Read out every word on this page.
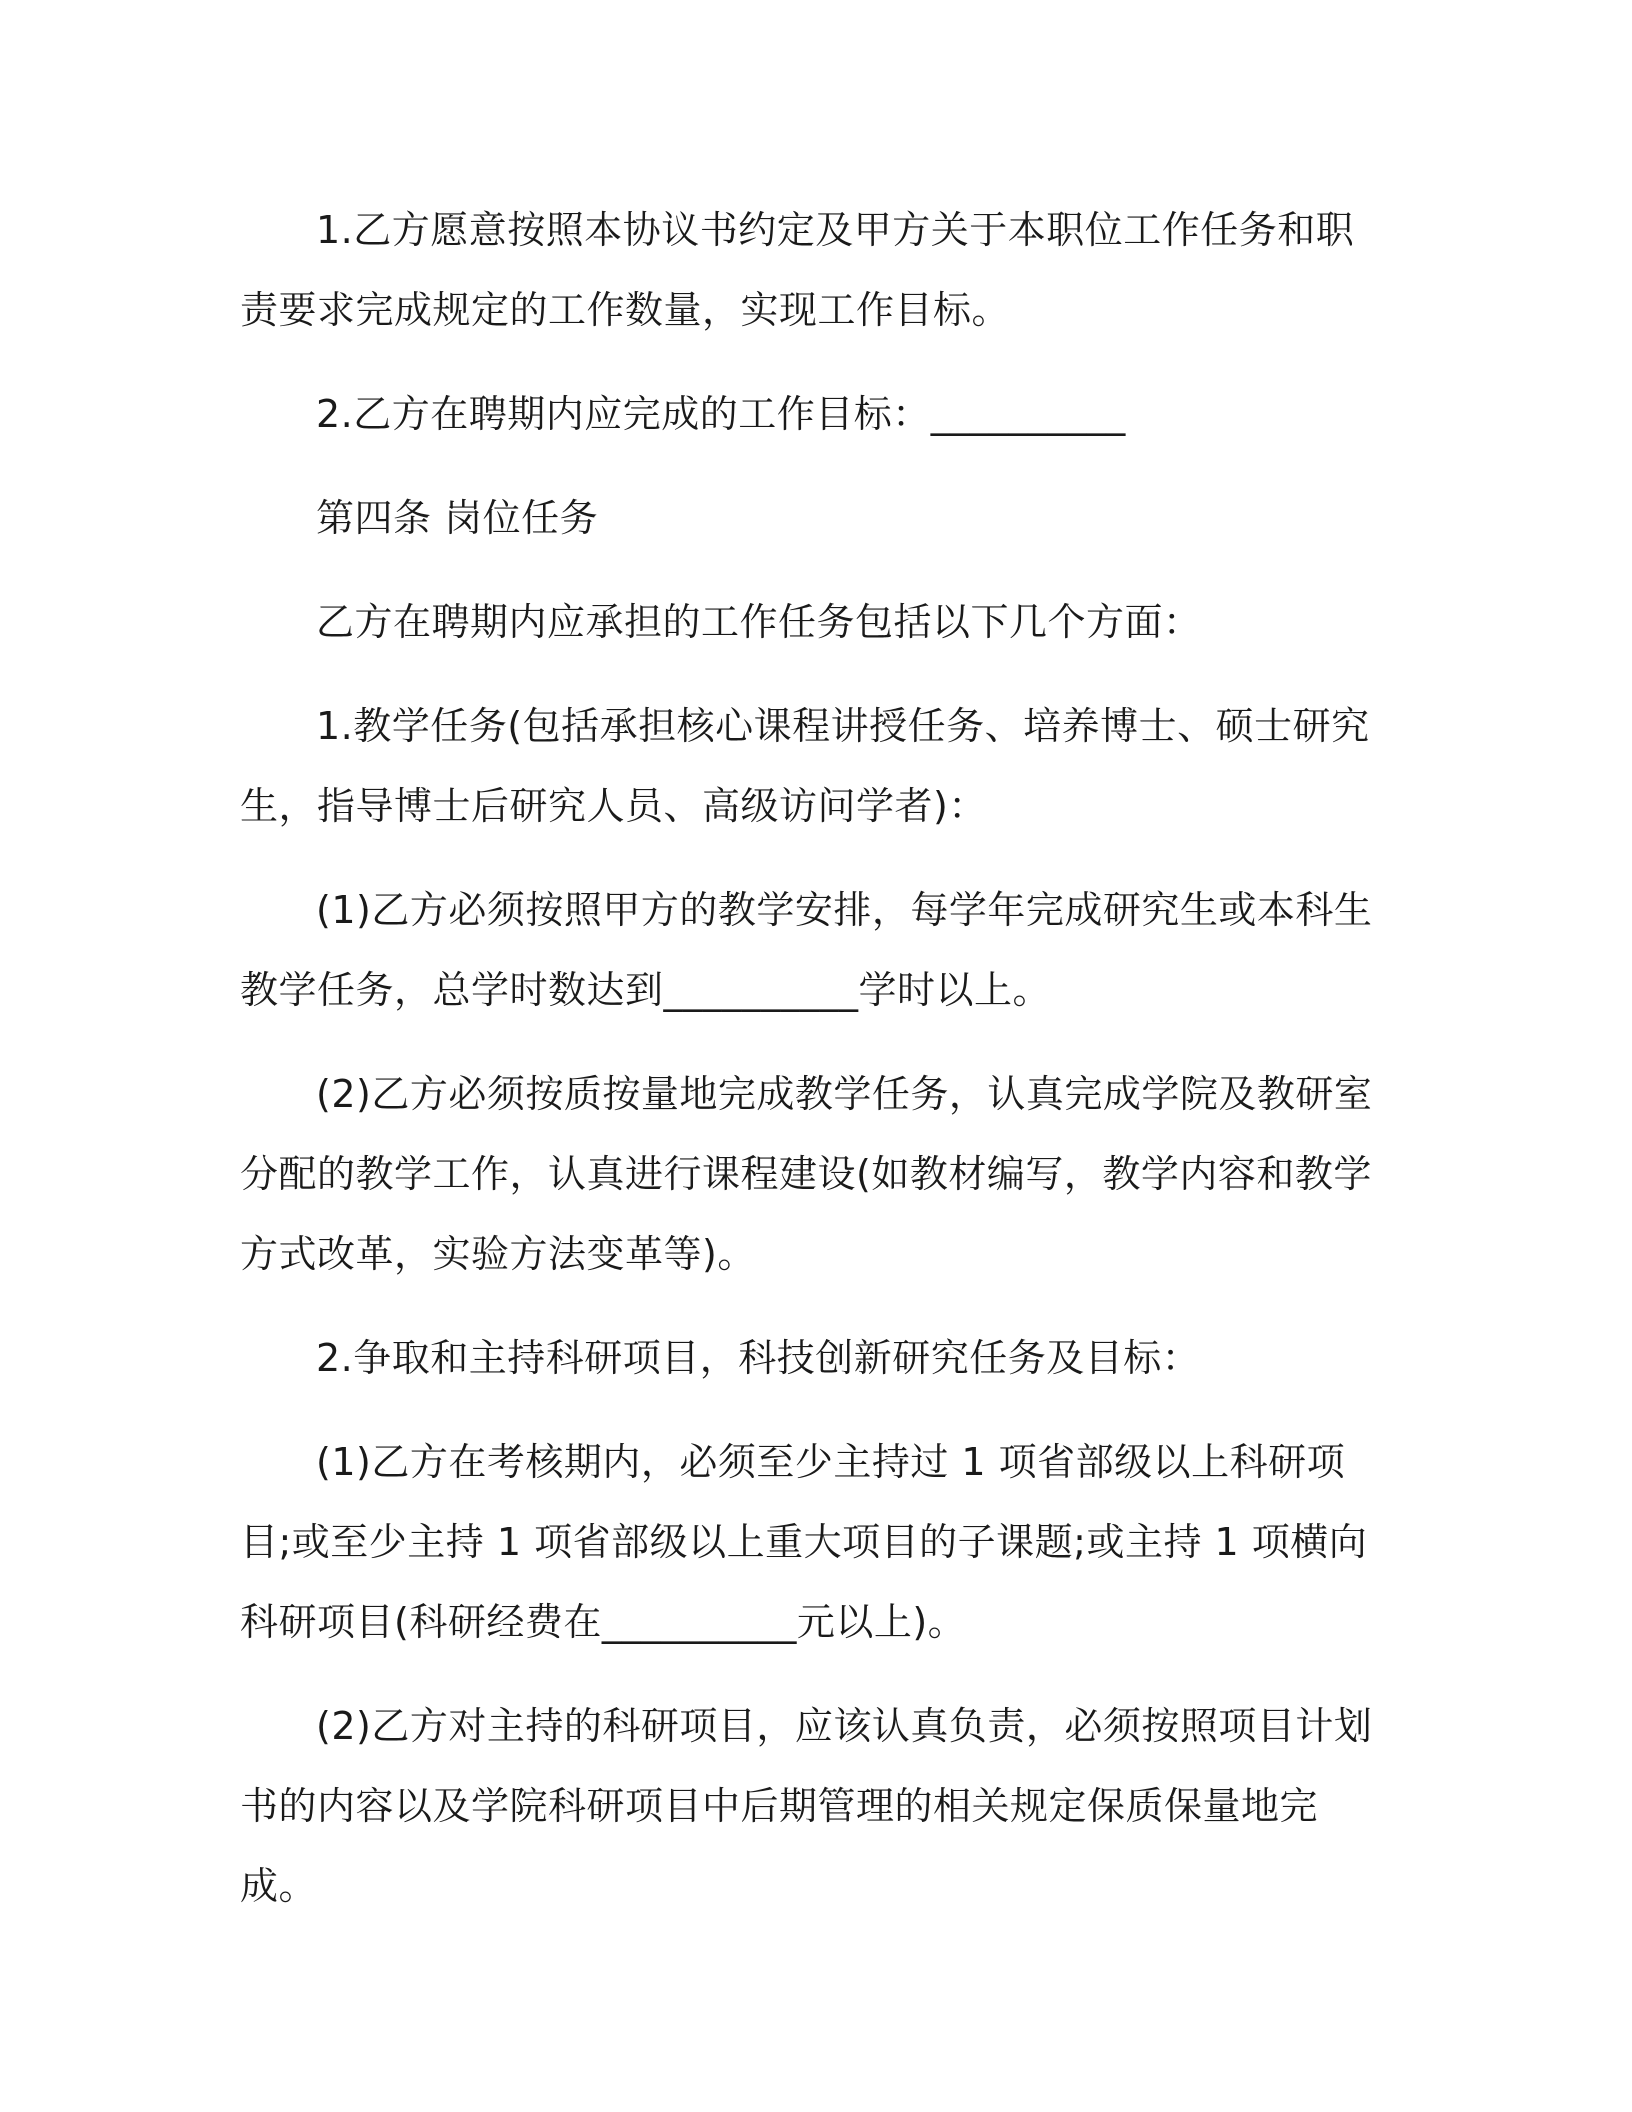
1.乙方愿意按照本协议书约定及甲方关于本职位工作任务和职责要求完成规定的工作数量，实现工作目标。

2.乙方在聘期内应完成的工作目标：__________

第四条 岗位任务

乙方在聘期内应承担的工作任务包括以下几个方面：

1.教学任务(包括承担核心课程讲授任务、培养博士、硕士研究生，指导博士后研究人员、高级访问学者)：

(1)乙方必须按照甲方的教学安排，每学年完成研究生或本科生教学任务，总学时数达到__________学时以上。

(2)乙方必须按质按量地完成教学任务，认真完成学院及教研室分配的教学工作，认真进行课程建设(如教材编写，教学内容和教学方式改革，实验方法变革等)。

2.争取和主持科研项目，科技创新研究任务及目标：

(1)乙方在考核期内，必须至少主持过 1 项省部级以上科研项目;或至少主持 1 项省部级以上重大项目的子课题;或主持 1 项横向科研项目(科研经费在__________元以上)。

(2)乙方对主持的科研项目，应该认真负责，必须按照项目计划书的内容以及学院科研项目中后期管理的相关规定保质保量地完成。
